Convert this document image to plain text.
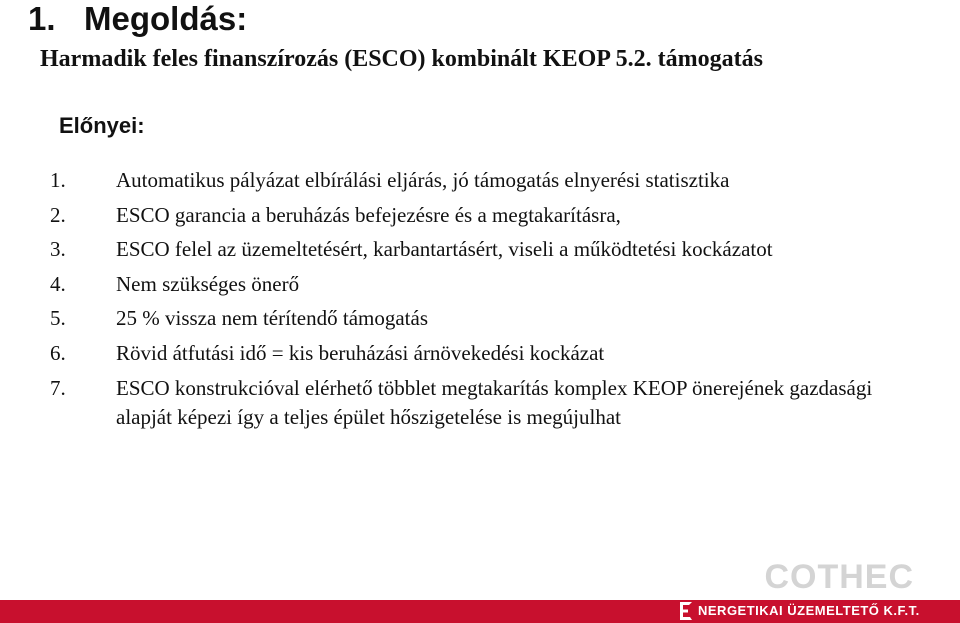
1. Megoldás:
Harmadik feles finanszírozás (ESCO) kombinált KEOP 5.2. támogatás
Előnyei:
1.	Automatikus pályázat elbírálási eljárás, jó támogatás elnyerési statisztika
2.	ESCO garancia a beruházás befejezésre és a megtakarításra,
3.	ESCO felel az üzemeltetésért, karbantartásért, viseli a működtetési kockázatot
4.	Nem szükséges önerő
5.	25 % vissza nem térítendő támogatás
6.	Rövid átfutási idő = kis beruházási árnövekedési kockázat
7.	ESCO konstrukcióval elérhető többlet megtakarítás komplex KEOP önerejének gazdasági alapját képezi így a teljes épület hőszigetelése is megújulhat
COTHEC
NERGETIKAI ÜZEMELTETŐ K.F.T.
